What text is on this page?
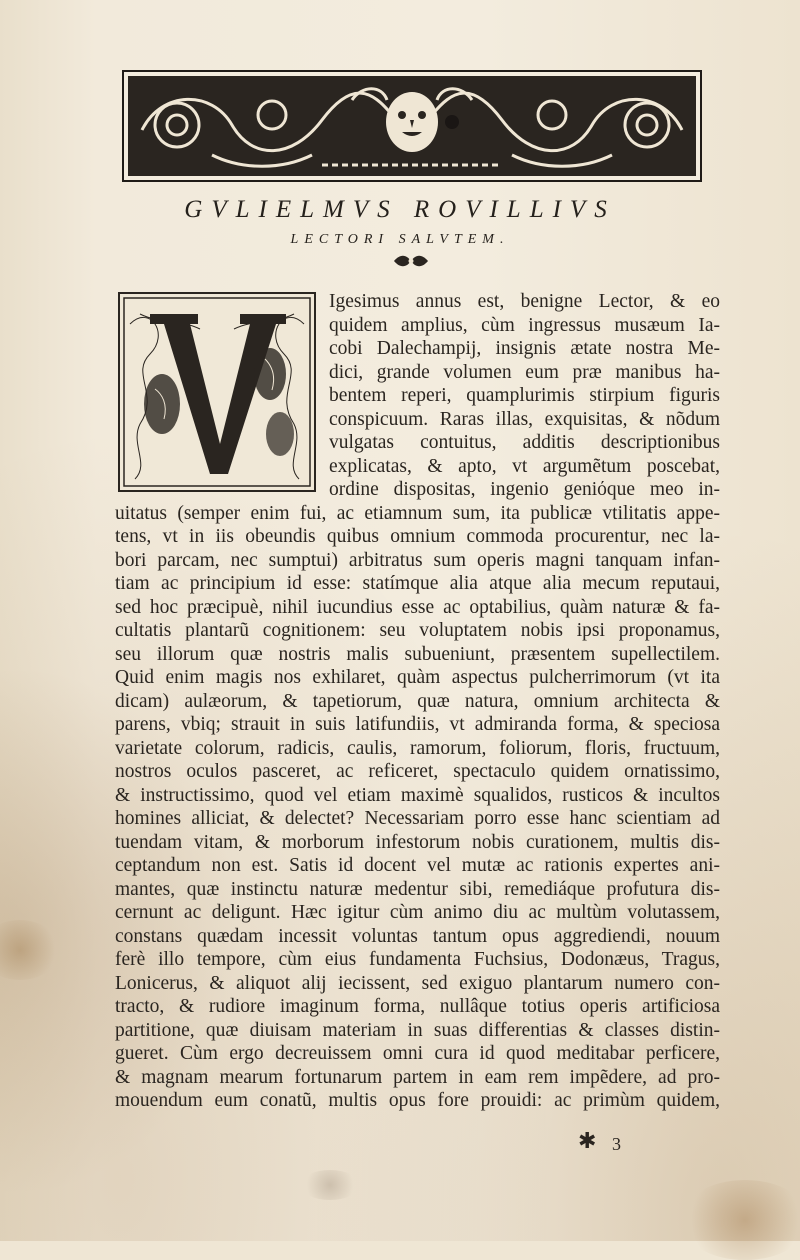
GVLIELMVS ROVILLIVS
LECTORI SALVTEM.
Igesimus annus est, benigne Lector, & eo
quidem amplius, cùm ingressus musæum Ia-
cobi Dalechampij, insignis ætate nostra Me-
dici, grande volumen eum præ manibus ha-
bentem reperi, quamplurimis stirpium figuris
conspicuum. Raras illas, exquisitas, & nõdum
vulgatas contuitus, additis descriptionibus
explicatas, & apto, vt argumẽtum poscebat,
ordine dispositas, ingenio geniόque meo in-
uitatus (semper enim fui, ac etiamnum sum, ita publicæ vtilitatis appe-
tens, vt in iis obeundis quibus omnium commoda procurentur, nec la-
bori parcam, nec sumptui) arbitratus sum operis magni tanquam infan-
tiam ac principium id esse: statímque alia atque alia mecum reputaui,
sed hoc præcipuè, nihil iucundius esse ac optabilius, quàm naturæ & fa-
cultatis plantarũ cognitionem: seu voluptatem nobis ipsi proponamus,
seu illorum quæ nostris malis subueniunt, præsentem supellectilem.
Quid enim magis nos exhilaret, quàm aspectus pulcherrimorum (vt ita
dicam) aulæorum, & tapetiorum, quæ natura, omnium architecta &
parens, vbiq; strauit in suis latifundiis, vt admiranda forma, & speciosa
varietate colorum, radicis, caulis, ramorum, foliorum, floris, fructuum,
nostros oculos pasceret, ac reficeret, spectaculo quidem ornatissimo,
& instructissimo, quod vel etiam maximè squalidos, rusticos & incultos
homines alliciat, & delectet? Necessariam porro esse hanc scientiam ad
tuendam vitam, & morborum infestorum nobis curationem, multis dis-
ceptandum non est. Satis id docent vel mutæ ac rationis expertes ani-
mantes, quæ instinctu naturæ medentur sibi, remediáque profutura dis-
cernunt ac deligunt. Hæc igitur cùm animo diu ac multùm volutassem,
constans quædam incessit voluntas tantum opus aggrediendi, nouum
ferè illo tempore, cùm eius fundamenta Fuchsius, Dodonæus, Tragus,
Lonicerus, & aliquot alij iecissent, sed exiguo plantarum numero con-
tracto, & rudiore imaginum forma, nullâque totius operis artificiosa
partitione, quæ diuisam materiam in suas differentias & classes distin-
gueret. Cùm ergo decreuissem omni cura id quod meditabar perficere,
& magnam mearum fortunarum partem in eam rem impẽdere, ad pro-
mouendum eum conatũ, multis opus fore prouidi: ac primùm quidem,
✱ 3
